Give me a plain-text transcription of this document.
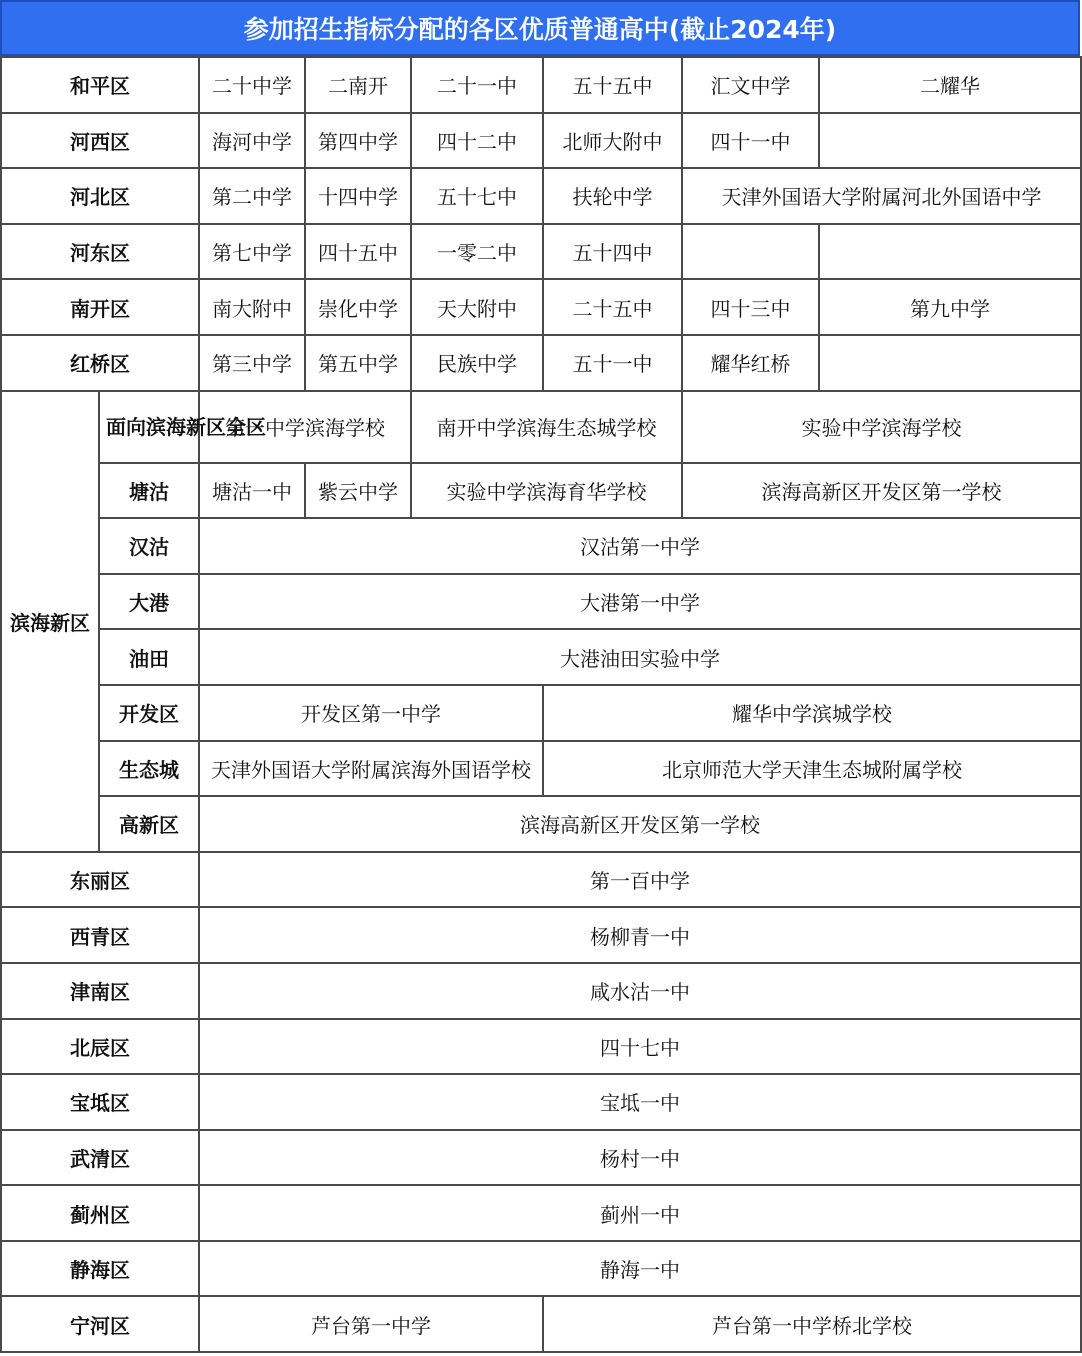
参加招生指标分配的各区优质普通高中(截止2024年)
和平区		二十中学	二南开	二十一中	五十五中	汇文中学	二耀华
河西区		海河中学	第四中学	四十二中	北师大附中	四十一中	
河北区		第二中学	十四中学	五十七中	扶轮中学	天津外国语大学附属河北外国语中学	
河东区		第七中学	四十五中	一零二中	五十四中		
南开区		南大附中	崇化中学	天大附中	二十五中	四十三中	第九中学
红桥区		第三中学	第五中学	民族中学	五十一中	耀华红桥	
滨海新区	面向滨海新区全区	第一中学滨海学校		南开中学滨海生态城学校		实验中学滨海学校	
	塘沽	塘沽一中	紫云中学	实验中学滨海育华学校		滨海高新区开发区第一学校	
	汉沽	汉沽第一中学					
	大港	大港第一中学					
	油田	大港油田实验中学					
	开发区	开发区第一中学			耀华中学滨城学校		
	生态城	天津外国语大学附属滨海外国语学校			北京师范大学天津生态城附属学校		
	高新区	滨海高新区开发区第一学校					
东丽区		第一百中学					
西青区		杨柳青一中					
津南区		咸水沽一中					
北辰区		四十七中					
宝坻区		宝坻一中					
武清区		杨村一中					
蓟州区		蓟州一中					
静海区		静海一中					
宁河区		芦台第一中学			芦台第一中学桥北学校		
